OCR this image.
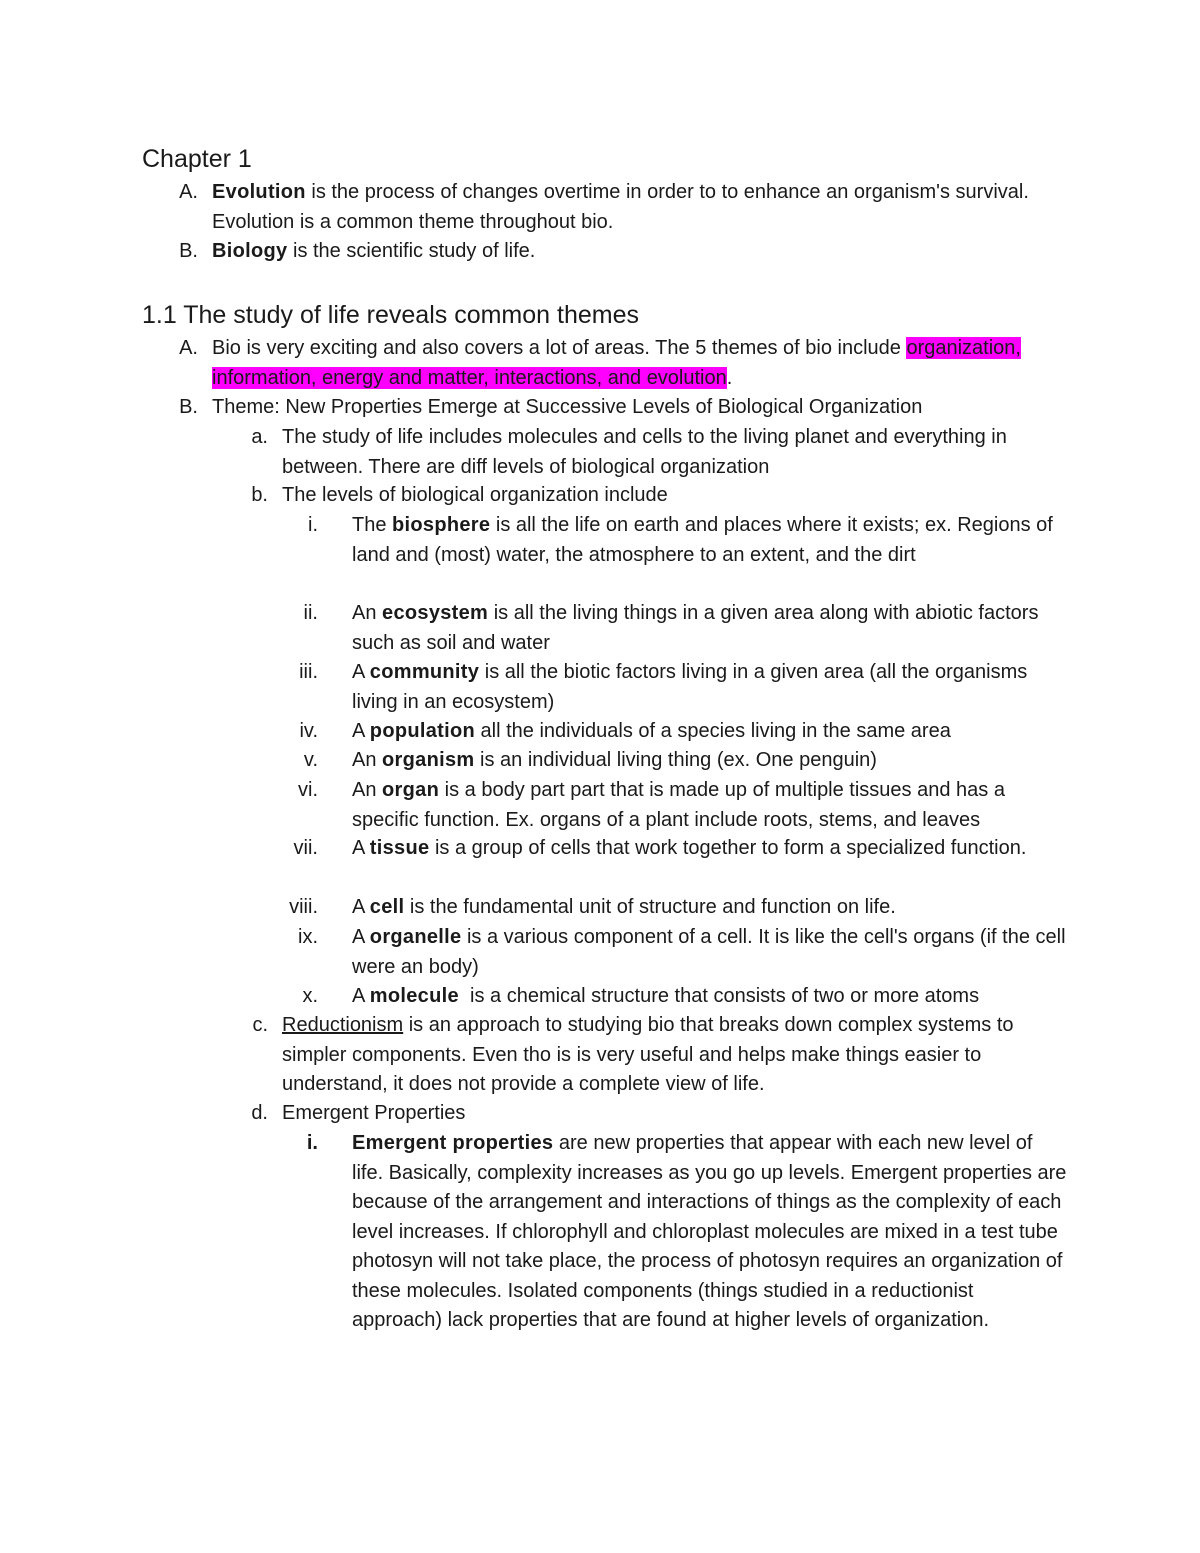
Chapter 1
A. Evolution is the process of changes overtime in order to to enhance an organism's survival. Evolution is a common theme throughout bio.
B. Biology is the scientific study of life.
1.1 The study of life reveals common themes
A. Bio is very exciting and also covers a lot of areas. The 5 themes of bio include organization, information, energy and matter, interactions, and evolution.
B. Theme: New Properties Emerge at Successive Levels of Biological Organization
a. The study of life includes molecules and cells to the living planet and everything in between. There are diff levels of biological organization
b. The levels of biological organization include
i.	The biosphere is all the life on earth and places where it exists; ex. Regions of land and (most) water, the atmosphere to an extent, and the dirt
ii.	An ecosystem is all the living things in a given area along with abiotic factors such as soil and water
iii.	A community is all the biotic factors living in a given area (all the organisms living in an ecosystem)
iv.	A population all the individuals of a species living in the same area
v.	An organism is an individual living thing (ex. One penguin)
vi.	An organ is a body part part that is made up of multiple tissues and has a specific function. Ex. organs of a plant include roots, stems, and leaves
vii.	A tissue is a group of cells that work together to form a specialized function.
viii.	A cell is the fundamental unit of structure and function on life.
ix.	A organelle is a various component of a cell. It is like the cell's organs (if the cell were an body)
x.	A molecule  is a chemical structure that consists of two or more atoms
c. Reductionism is an approach to studying bio that breaks down complex systems to simpler components. Even tho is is very useful and helps make things easier to understand, it does not provide a complete view of life.
d. Emergent Properties
i.	Emergent properties are new properties that appear with each new level of life. Basically, complexity increases as you go up levels. Emergent properties are because of the arrangement and interactions of things as the complexity of each level increases. If chlorophyll and chloroplast molecules are mixed in a test tube photosyn will not take place, the process of photosyn requires an organization of these molecules. Isolated components (things studied in a reductionist approach) lack properties that are found at higher levels of organization.
